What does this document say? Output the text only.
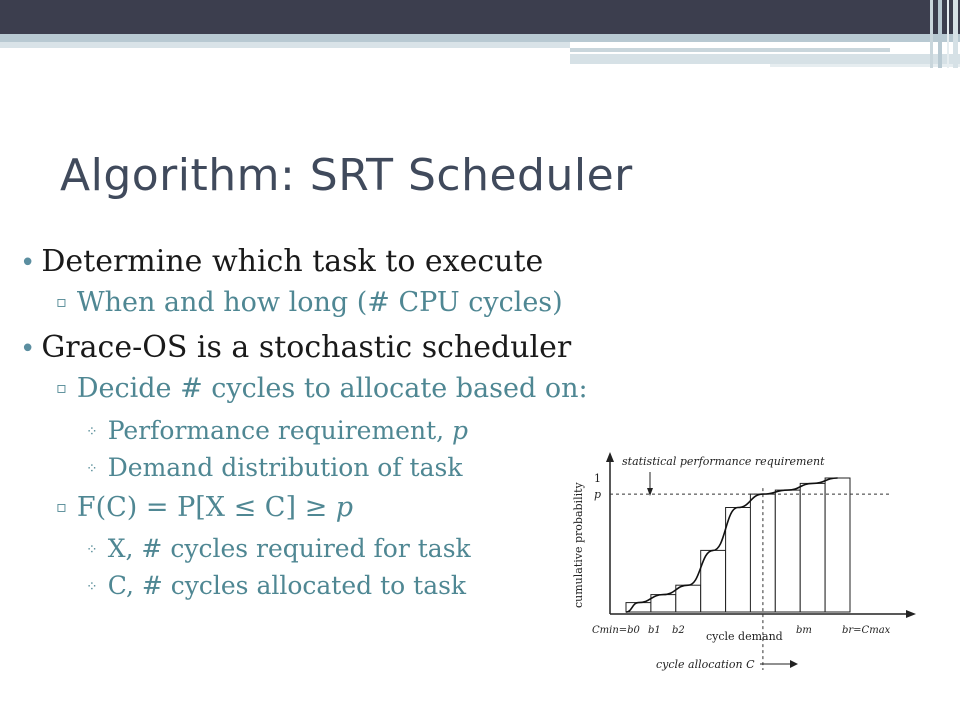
Algorithm: SRT Scheduler
• Determine which task to execute
▫ When and how long (# CPU cycles)
• Grace-OS is a stochastic scheduler
▫ Decide # cycles to allocate based on:
⁘ Performance requirement, p
⁘ Demand distribution of task
▫ F(C) = P[X ≤ C] ≥ p
⁘ X, # cycles required for task
⁘ C, # cycles allocated to task
statistical performance requirement
1
p
cumulative probability
Cmin=b0 b1 b2	bm	br=Cmax
cycle demand
cycle allocation C
